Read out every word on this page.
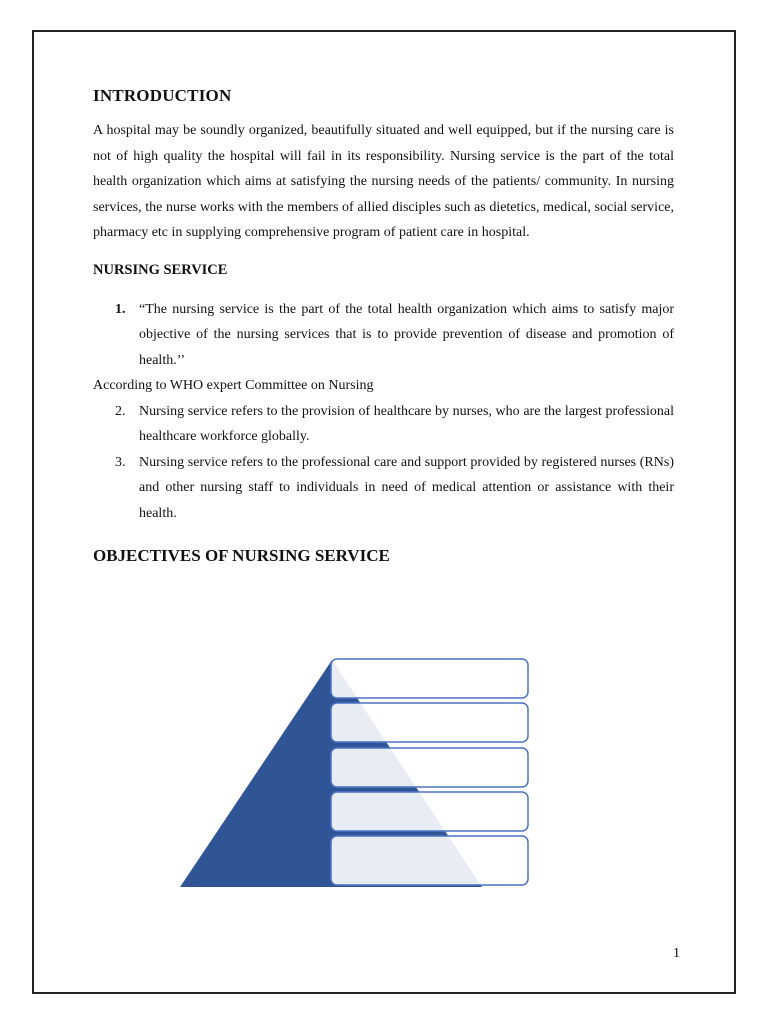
INTRODUCTION

A hospital may be soundly organized, beautifully situated and well equipped, but if the nursing care is not of high quality the hospital will fail in its responsibility. Nursing service is the part of the total health organization which aims at satisfying the nursing needs of the patients/ community. In nursing services, the nurse works with the members of allied disciples such as dietetics, medical, social service, pharmacy etc in supplying comprehensive program of patient care in hospital.

NURSING SERVICE
1. “The nursing service is the part of the total health organization which aims to satisfy major objective of the nursing services that is to provide prevention of disease and promotion of health.’’
According to WHO expert Committee on Nursing
2. Nursing service refers to the provision of healthcare by nurses, who are the largest professional healthcare workforce globally.
3. Nursing service refers to the professional care and support provided by registered nurses (RNs) and other nursing staff to individuals in need of medical attention or assistance with their health.
OBJECTIVES OF NURSING SERVICE
1
